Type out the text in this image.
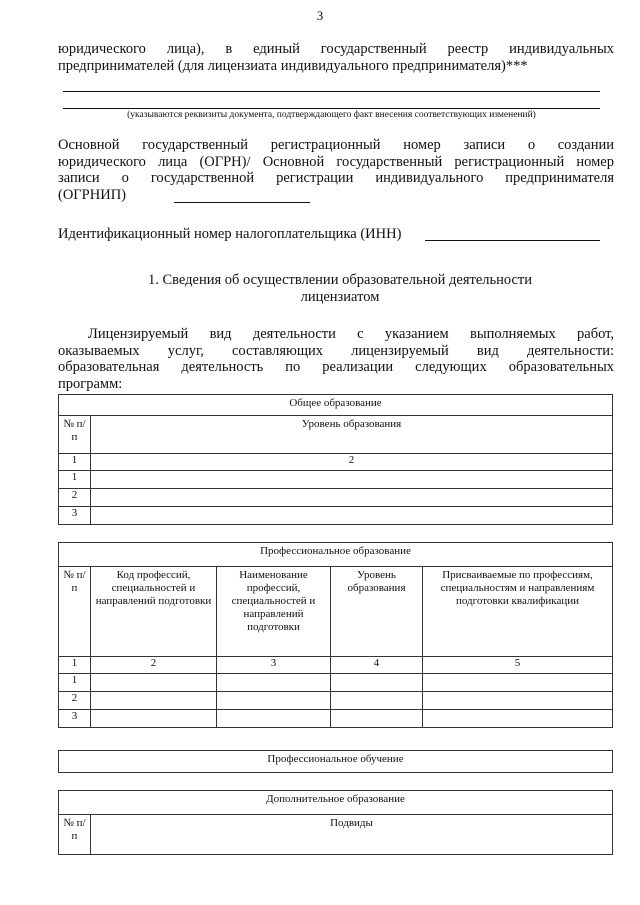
3
юридического лица), в единый государственный реестр индивидуальных
предпринимателей (для лицензиата индивидуального предпринимателя)***
(указываются реквизиты документа, подтверждающего факт внесения соответствующих изменений)
Основной государственный регистрационный номер записи о создании
юридического лица (ОГРН)/ Основной государственный регистрационный номер
записи о государственной регистрации индивидуального предпринимателя
(ОГРНИП)
Идентификационный номер налогоплательщика (ИНН)
1. Сведения об осуществлении образовательной деятельности
лицензиатом
Лицензируемый вид деятельности с указанием выполняемых работ,
оказываемых услуг, составляющих лицензируемый вид деятельности:
образовательная деятельность по реализации следующих образовательных
программ:
Общее образование	
№ п/п	Уровень образования
1	2
1	
2	
3	
Профессиональное образование				
№ п/п	Код профессий, специальностей и направлений подготовки	Наименование профессий, специальностей и направлений подготовки	Уровень образования	Присваиваемые по профессиям, специальностям и направлениям подготовки квалификации
1	2	3	4	5
1				
2				
3				
Профессиональное обучение
Дополнительное образование
№ п/п	Подвиды
